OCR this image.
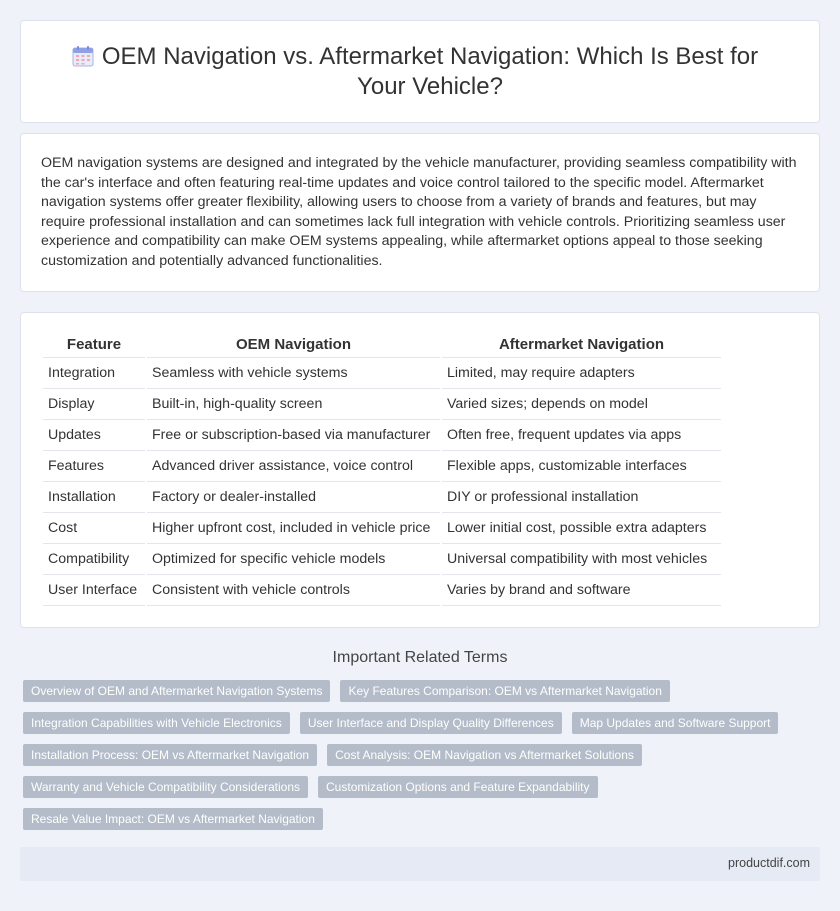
OEM Navigation vs. Aftermarket Navigation: Which Is Best for Your Vehicle?

OEM navigation systems are designed and integrated by the vehicle manufacturer, providing seamless compatibility with the car's interface and often featuring real-time updates and voice control tailored to the specific model. Aftermarket navigation systems offer greater flexibility, allowing users to choose from a variety of brands and features, but may require professional installation and can sometimes lack full integration with vehicle controls. Prioritizing seamless user experience and compatibility can make OEM systems appealing, while aftermarket options appeal to those seeking customization and potentially advanced functionalities.

Feature	OEM Navigation	Aftermarket Navigation
Integration	Seamless with vehicle systems	Limited, may require adapters
Display	Built-in, high-quality screen	Varied sizes; depends on model
Updates	Free or subscription-based via manufacturer	Often free, frequent updates via apps
Features	Advanced driver assistance, voice control	Flexible apps, customizable interfaces
Installation	Factory or dealer-installed	DIY or professional installation
Cost	Higher upfront cost, included in vehicle price	Lower initial cost, possible extra adapters
Compatibility	Optimized for specific vehicle models	Universal compatibility with most vehicles
User Interface	Consistent with vehicle controls	Varies by brand and software
Important Related Terms
Overview of OEM and Aftermarket Navigation Systems	Key Features Comparison: OEM vs Aftermarket Navigation
Integration Capabilities with Vehicle Electronics	User Interface and Display Quality Differences	Map Updates and Software Support
Installation Process: OEM vs Aftermarket Navigation	Cost Analysis: OEM Navigation vs Aftermarket Solutions
Warranty and Vehicle Compatibility Considerations	Customization Options and Feature Expandability
Resale Value Impact: OEM vs Aftermarket Navigation
productdif.com
